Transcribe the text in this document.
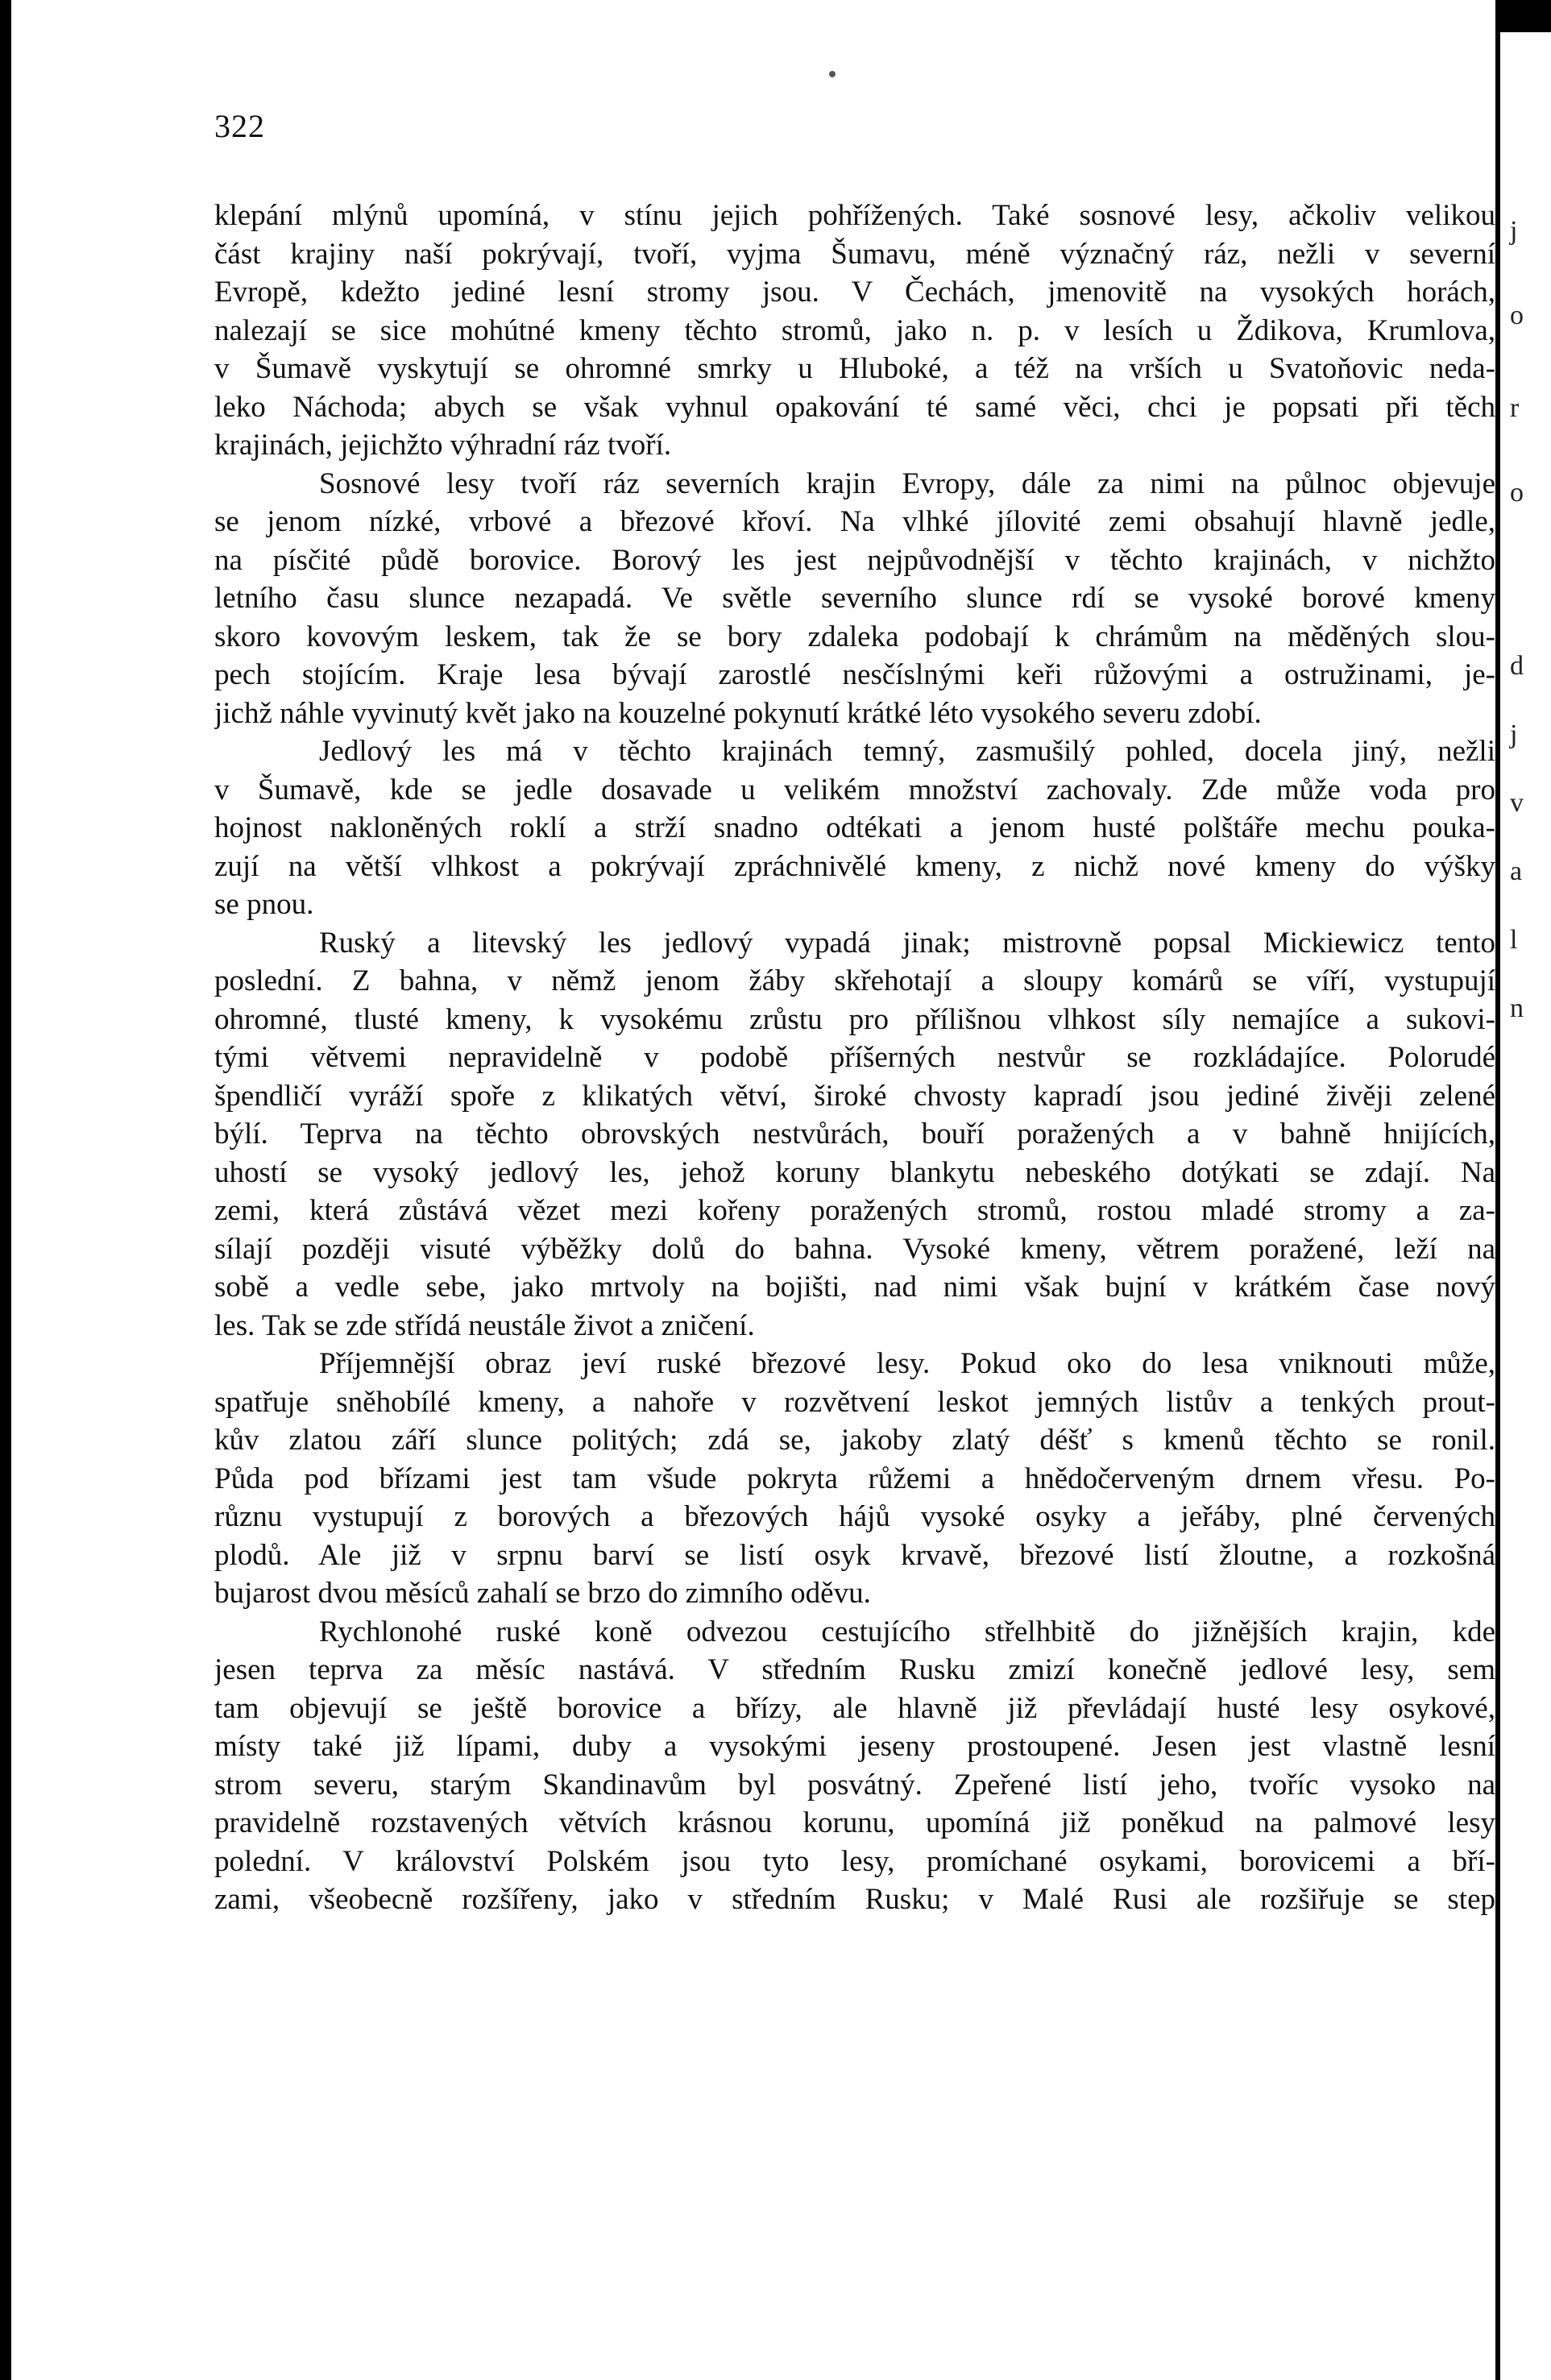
322
klepání mlýnů upomíná, v stínu jejich pohřížených. Také sosnové lesy, ačkoliv velikou
část krajiny naší pokrývají, tvoří, vyjma Šumavu, méně význačný ráz, nežli v severní
Evropě, kdežto jediné lesní stromy jsou. V Čechách, jmenovitě na vysokých horách,
nalezají se sice mohútné kmeny těchto stromů, jako n. p. v lesích u Ždikova, Krumlova,
v Šumavě vyskytují se ohromné smrky u Hluboké, a též na vrších u Svatoňovic neda-
leko Náchoda; abych se však vyhnul opakování té samé věci, chci je popsati při těch
krajinách, jejichžto výhradní ráz tvoří.
Sosnové lesy tvoří ráz severních krajin Evropy, dále za nimi na půlnoc objevuje
se jenom nízké, vrbové a březové křoví. Na vlhké jílovité zemi obsahují hlavně jedle,
na písčité půdě borovice. Borový les jest nejpůvodnější v těchto krajinách, v nichžto
letního času slunce nezapadá. Ve světle severního slunce rdí se vysoké borové kmeny
skoro kovovým leskem, tak že se bory zdaleka podobají k chrámům na měděných slou-
pech stojícím. Kraje lesa bývají zarostlé nesčíslnými keři růžovými a ostružinami, je-
jichž náhle vyvinutý květ jako na kouzelné pokynutí krátké léto vysokého severu zdobí.
Jedlový les má v těchto krajinách temný, zasmušilý pohled, docela jiný, nežli
v Šumavě, kde se jedle dosavade u velikém množství zachovaly. Zde může voda pro
hojnost nakloněných roklí a strží snadno odtékati a jenom husté polštáře mechu pouka-
zují na větší vlhkost a pokrývají zpráchnivělé kmeny, z nichž nové kmeny do výšky
se pnou.
Ruský a litevský les jedlový vypadá jinak; mistrovně popsal Mickiewicz tento
poslední. Z bahna, v němž jenom žáby skřehotají a sloupy komárů se víří, vystupují
ohromné, tlusté kmeny, k vysokému zrůstu pro přílišnou vlhkost síly nemajíce a sukovi-
tými větvemi nepravidelně v podobě příšerných nestvůr se rozkládajíce. Polorudé
špendličí vyráží spoře z klikatých větví, široké chvosty kapradí jsou jediné živěji zelené
býlí. Teprva na těchto obrovských nestvůrách, bouří poražených a v bahně hnijících,
uhostí se vysoký jedlový les, jehož koruny blankytu nebeského dotýkati se zdají. Na
zemi, která zůstává vězet mezi kořeny poražených stromů, rostou mladé stromy a za-
sílají později visuté výběžky dolů do bahna. Vysoké kmeny, větrem poražené, leží na
sobě a vedle sebe, jako mrtvoly na bojišti, nad nimi však bujní v krátkém čase nový
les. Tak se zde střídá neustále život a zničení.
Příjemnější obraz jeví ruské březové lesy. Pokud oko do lesa vniknouti může,
spatřuje sněhobílé kmeny, a nahoře v rozvětvení leskot jemných listův a tenkých prout-
kův zlatou září slunce politých; zdá se, jakoby zlatý déšť s kmenů těchto se ronil.
Půda pod břízami jest tam všude pokryta růžemi a hnědočerveným drnem vřesu. Po-
různu vystupují z borových a březových hájů vysoké osyky a jeřáby, plné červených
plodů. Ale již v srpnu barví se listí osyk krvavě, březové listí žloutne, a rozkošná
bujarost dvou měsíců zahalí se brzo do zimního oděvu.
Rychlonohé ruské koně odvezou cestujícího střelhbitě do jižnějších krajin, kde
jesen teprva za měsíc nastává. V středním Rusku zmizí konečně jedlové lesy, sem
tam objevují se ještě borovice a břízy, ale hlavně již převládají husté lesy osykové,
místy také již lípami, duby a vysokými jeseny prostoupené. Jesen jest vlastně lesní
strom severu, starým Skandinavům byl posvátný. Zpeřené listí jeho, tvoříc vysoko na
pravidelně rozstavených větvích krásnou korunu, upomíná již poněkud na palmové lesy
polední. V království Polském jsou tyto lesy, promíchané osykami, borovicemi a bří-
zami, všeobecně rozšířeny, jako v středním Rusku; v Malé Rusi ale rozšiřuje se step
j
o
r
o
d
j
v
a
l
n
